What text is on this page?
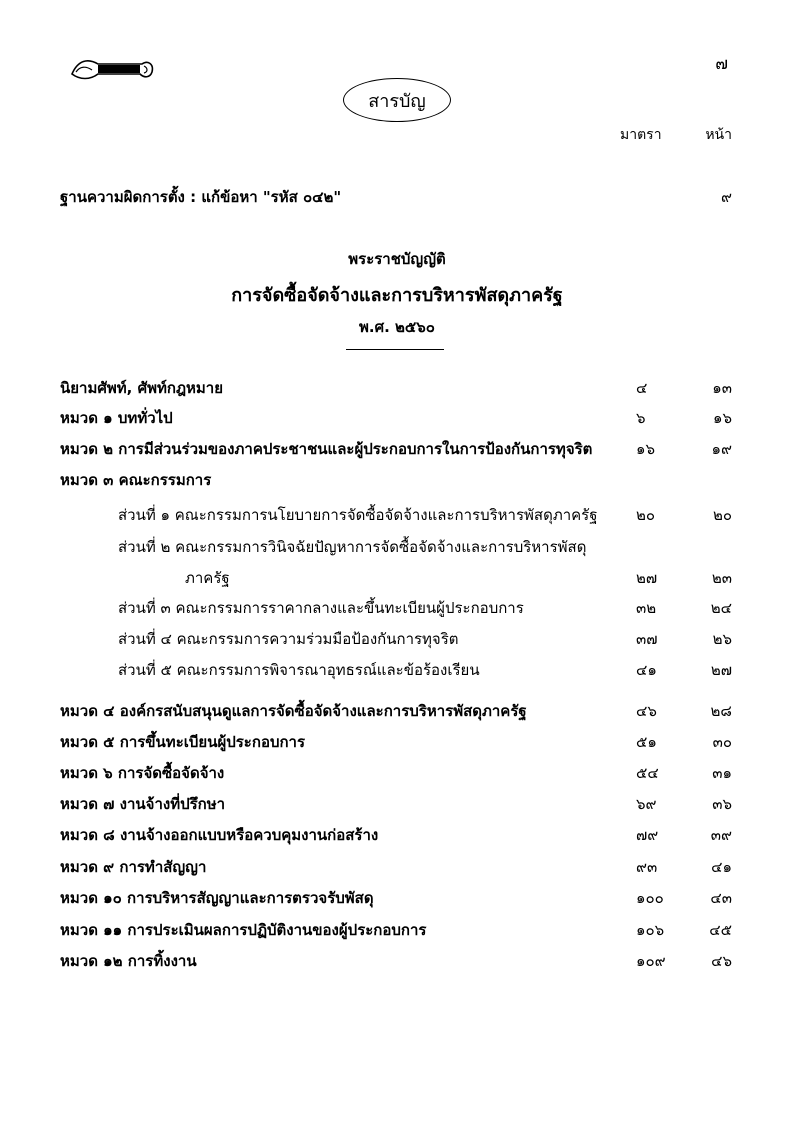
๗
สารบัญ
มาตรา	หน้า
ฐานความผิดการตั้ง : แก้ข้อหา "รหัส ๐๔๒"	๙
พระราชบัญญัติ
การจัดซื้อจัดจ้างและการบริหารพัสดุภาครัฐ
พ.ศ. ๒๕๖๐
นิยามศัพท์, ศัพท์กฎหมาย	๔	๑๓
หมวด ๑ บททั่วไป	๖	๑๖
หมวด ๒ การมีส่วนร่วมของภาคประชาชนและผู้ประกอบการในการป้องกันการทุจริต	๑๖	๑๙
หมวด ๓ คณะกรรมการ
ส่วนที่ ๑ คณะกรรมการนโยบายการจัดซื้อจัดจ้างและการบริหารพัสดุภาครัฐ	๒๐	๒๐
ส่วนที่ ๒ คณะกรรมการวินิจฉัยปัญหาการจัดซื้อจัดจ้างและการบริหารพัสดุ
ภาครัฐ	๒๗	๒๓
ส่วนที่ ๓ คณะกรรมการราคากลางและขึ้นทะเบียนผู้ประกอบการ	๓๒	๒๔
ส่วนที่ ๔ คณะกรรมการความร่วมมือป้องกันการทุจริต	๓๗	๒๖
ส่วนที่ ๕ คณะกรรมการพิจารณาอุทธรณ์และข้อร้องเรียน	๔๑	๒๗
หมวด ๔ องค์กรสนับสนุนดูแลการจัดซื้อจัดจ้างและการบริหารพัสดุภาครัฐ	๔๖	๒๘
หมวด ๕ การขึ้นทะเบียนผู้ประกอบการ	๕๑	๓๐
หมวด ๖ การจัดซื้อจัดจ้าง	๕๔	๓๑
หมวด ๗ งานจ้างที่ปรึกษา	๖๙	๓๖
หมวด ๘ งานจ้างออกแบบหรือควบคุมงานก่อสร้าง	๗๙	๓๙
หมวด ๙ การทำสัญญา	๙๓	๔๑
หมวด ๑๐ การบริหารสัญญาและการตรวจรับพัสดุ	๑๐๐	๔๓
หมวด ๑๑ การประเมินผลการปฏิบัติงานของผู้ประกอบการ	๑๐๖	๔๕
หมวด ๑๒ การทิ้งงาน	๑๐๙	๔๖
